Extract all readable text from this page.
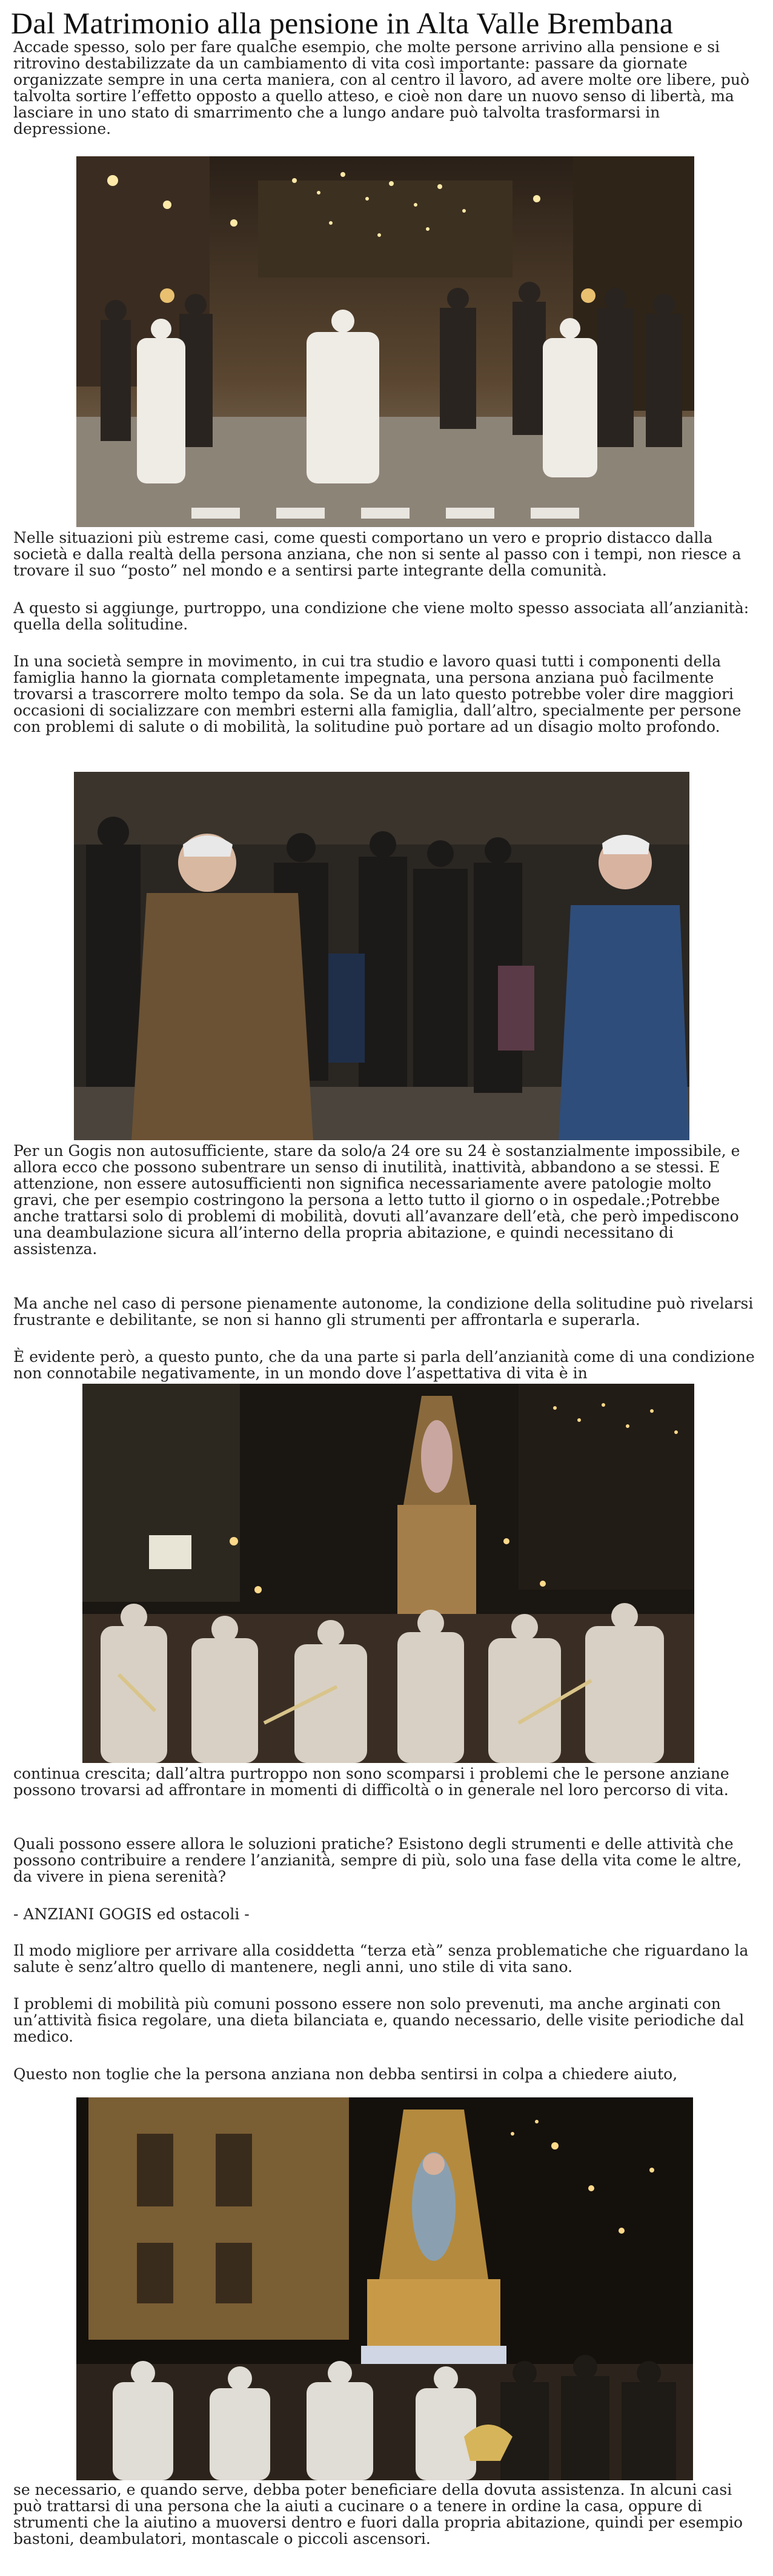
Dal Matrimonio alla pensione in Alta Valle Brembana

Accade spesso, solo per fare qualche esempio, che molte persone arrivino alla pensione e si ritrovino destabilizzate da un cambiamento di vita così importante: passare da giornate organizzate sempre in una certa maniera, con al centro il lavoro, ad avere molte ore libere, può talvolta sortire l’effetto opposto a quello atteso, e cioè non dare un nuovo senso di libertà, ma lasciare in uno stato di smarrimento che a lungo andare può talvolta trasformarsi in depressione.

Nelle situazioni più estreme casi, come questi comportano un vero e proprio distacco dalla società e dalla realtà della persona anziana, che non si sente al passo con i tempi, non riesce a trovare il suo “posto” nel mondo e a sentirsi parte integrante della comunità.

A questo si aggiunge, purtroppo, una condizione che viene molto spesso associata all’anzianità: quella della solitudine.

In una società sempre in movimento, in cui tra studio e lavoro quasi tutti i componenti della famiglia hanno la giornata completamente impegnata, una persona anziana può facilmente trovarsi a trascorrere molto tempo da sola. Se da un lato questo potrebbe voler dire maggiori occasioni di socializzare con membri esterni alla famiglia, dall’altro, specialmente per persone con problemi di salute o di mobilità, la solitudine può portare ad un disagio molto profondo.

Per un Gogis non autosufficiente, stare da solo/a 24 ore su 24 è sostanzialmente impossibile, e allora ecco che possono subentrare un senso di inutilità, inattività, abbandono a se stessi. E attenzione, non essere autosufficienti non significa necessariamente avere patologie molto gravi, che per esempio costringono la persona a letto tutto il giorno o in ospedale.;Potrebbe anche trattarsi solo di problemi di mobilità, dovuti all’avanzare dell’età, che però impediscono una deambulazione sicura all’interno della propria abitazione, e quindi necessitano di assistenza.

Ma anche nel caso di persone pienamente autonome, la condizione della solitudine può rivelarsi frustrante e debilitante, se non si hanno gli strumenti per affrontarla e superarla.

È evidente però, a questo punto, che da una parte si parla dell’anzianità come di una condizione non connotabile negativamente, in un mondo dove l’aspettativa di vita è in

continua crescita; dall’altra purtroppo non sono scomparsi i problemi che le persone anziane possono trovarsi ad affrontare in momenti di difficoltà o in generale nel loro percorso di vita.

Quali possono essere allora le soluzioni pratiche? Esistono degli strumenti e delle attività che possono contribuire a rendere l’anzianità, sempre di più, solo una fase della vita come le altre, da vivere in piena serenità?

- ANZIANI GOGIS ed ostacoli -

Il modo migliore per arrivare alla cosiddetta “terza età” senza problematiche che riguardano la salute è senz’altro quello di mantenere, negli anni, uno stile di vita sano.

I problemi di mobilità più comuni possono essere non solo prevenuti, ma anche arginati con un’attività fisica regolare, una dieta bilanciata e, quando necessario, delle visite periodiche dal medico.

Questo non toglie che la persona anziana non debba sentirsi in colpa a chiedere aiuto,

se necessario, e quando serve, debba poter beneficiare della dovuta assistenza. In alcuni casi può trattarsi di una persona che la aiuti a cucinare o a tenere in ordine la casa, oppure di strumenti che la aiutino a muoversi dentro e fuori dalla propria abitazione, quindi per esempio bastoni, deambulatori, montascale o piccoli ascensori.
